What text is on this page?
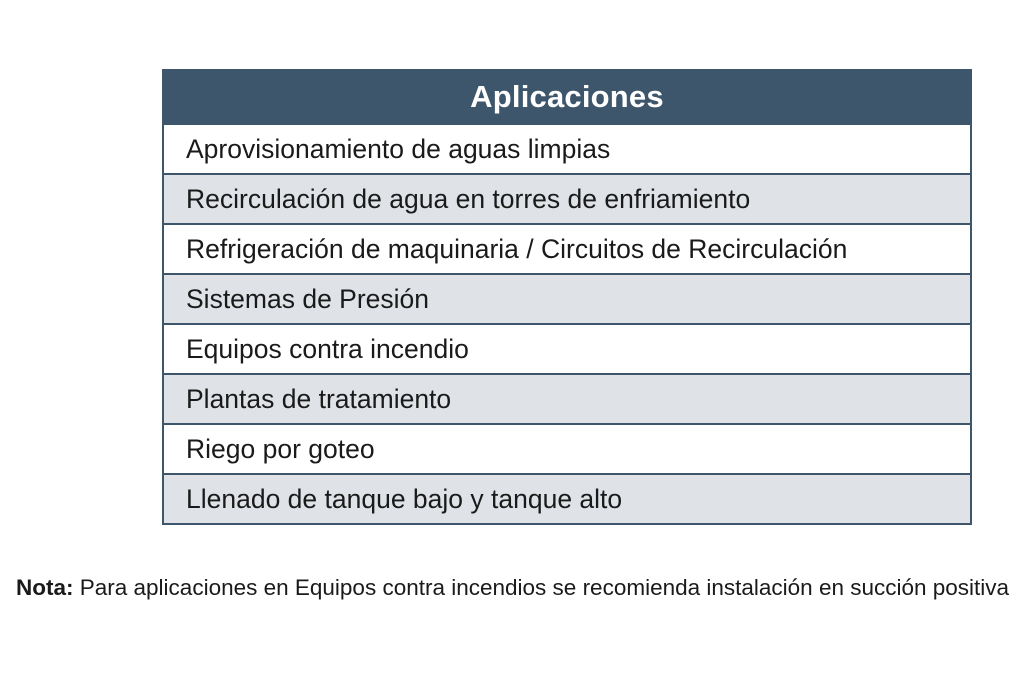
Aplicaciones
Aprovisionamiento de aguas limpias
Recirculación de agua en torres de enfriamiento
Refrigeración de maquinaria / Circuitos de Recirculación
Sistemas de Presión
Equipos contra incendio
Plantas de tratamiento
Riego por goteo
Llenado de tanque bajo y tanque alto
Nota: Para aplicaciones en Equipos contra incendios se recomienda instalación en succión positiva
